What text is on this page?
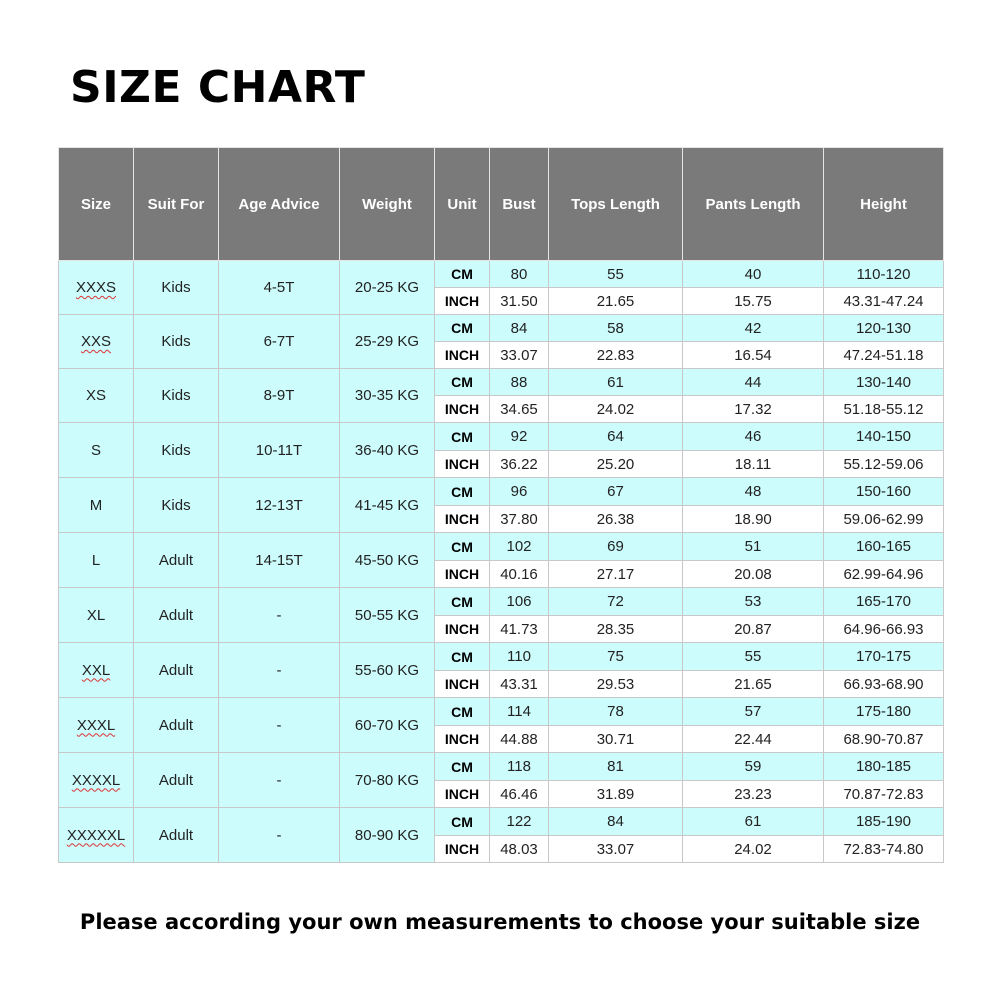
SIZE CHART
Size	Suit For	Age Advice	Weight	Unit	Bust	Tops Length	Pants Length	Height
XXXS	Kids	4-5T	20-25 KG	CM	80	55	40	110-120
				INCH	31.50	21.65	15.75	43.31-47.24
XXS	Kids	6-7T	25-29 KG	CM	84	58	42	120-130
				INCH	33.07	22.83	16.54	47.24-51.18
XS	Kids	8-9T	30-35 KG	CM	88	61	44	130-140
				INCH	34.65	24.02	17.32	51.18-55.12
S	Kids	10-11T	36-40 KG	CM	92	64	46	140-150
				INCH	36.22	25.20	18.11	55.12-59.06
M	Kids	12-13T	41-45 KG	CM	96	67	48	150-160
				INCH	37.80	26.38	18.90	59.06-62.99
L	Adult	14-15T	45-50 KG	CM	102	69	51	160-165
				INCH	40.16	27.17	20.08	62.99-64.96
XL	Adult	-	50-55 KG	CM	106	72	53	165-170
				INCH	41.73	28.35	20.87	64.96-66.93
XXL	Adult	-	55-60 KG	CM	110	75	55	170-175
				INCH	43.31	29.53	21.65	66.93-68.90
XXXL	Adult	-	60-70 KG	CM	114	78	57	175-180
				INCH	44.88	30.71	22.44	68.90-70.87
XXXXL	Adult	-	70-80 KG	CM	118	81	59	180-185
				INCH	46.46	31.89	23.23	70.87-72.83
XXXXXL	Adult	-	80-90 KG	CM	122	84	61	185-190
				INCH	48.03	33.07	24.02	72.83-74.80

Please according your own measurements to choose your suitable size
